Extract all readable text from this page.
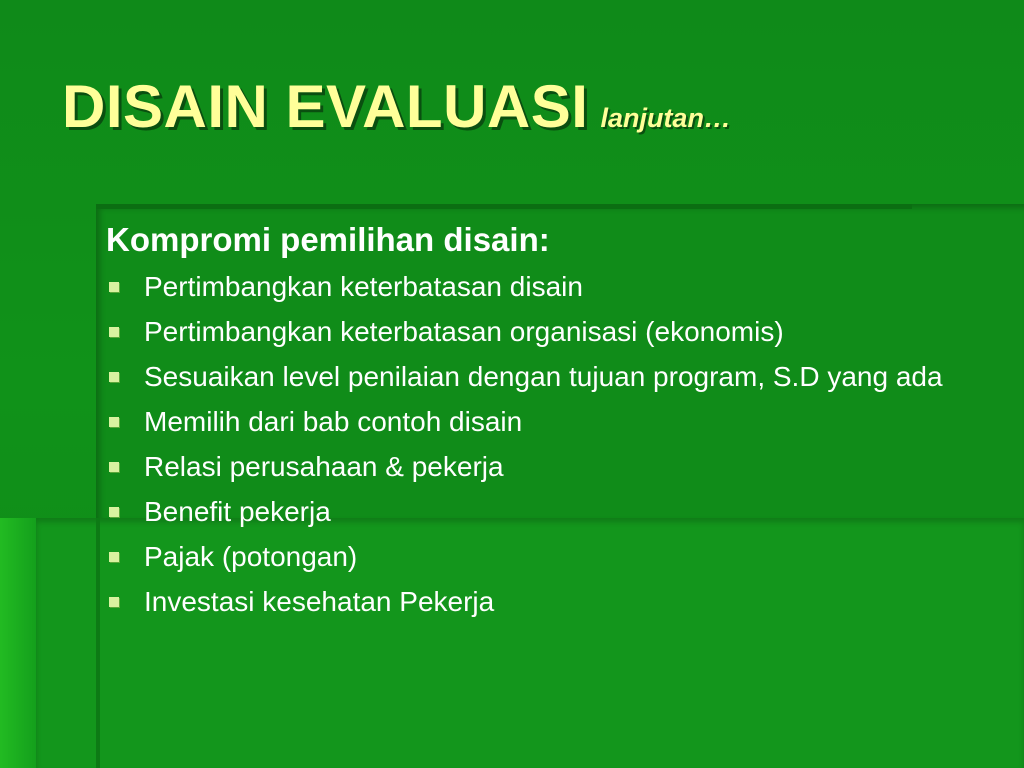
DISAIN EVALUASI lanjutan…

Kompromi pemilihan disain:

Pertimbangkan keterbatasan disain
Pertimbangkan keterbatasan organisasi (ekonomis)
Sesuaikan level penilaian dengan tujuan program, S.D yang ada
Memilih dari bab contoh disain
Relasi perusahaan & pekerja
Benefit pekerja
Pajak (potongan)
Investasi kesehatan Pekerja
